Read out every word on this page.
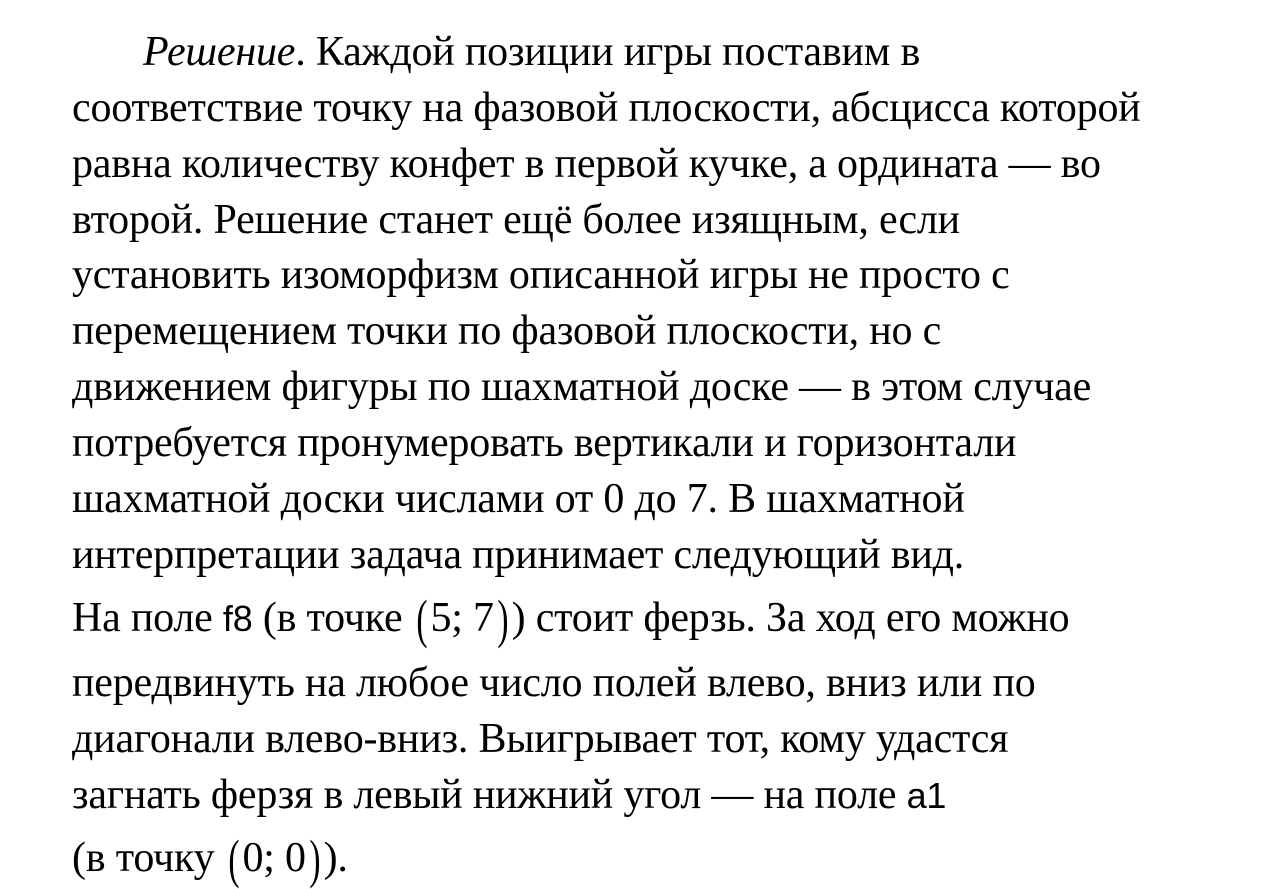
Решение. Каждой позиции игры поставим в
соответствие точку на фазовой плоскости, абсцисса которой
равна количеству конфет в первой кучке, а ордината — во
второй. Решение станет ещё более изящным, если
установить изоморфизм описанной игры не просто с
перемещением точки по фазовой плоскости, но с
движением фигуры по шахматной доске — в этом случае
потребуется пронумеровать вертикали и горизонтали
шахматной доски числами от 0 до 7. В шахматной
интерпретации задача принимает следующий вид.
На поле f8 (в точке (5; 7)) стоит ферзь. За ход его можно
передвинуть на любое число полей влево, вниз или по
диагонали влево-вниз. Выигрывает тот, кому удастся
загнать ферзя в левый нижний угол — на поле a1
(в точку (0; 0)).
